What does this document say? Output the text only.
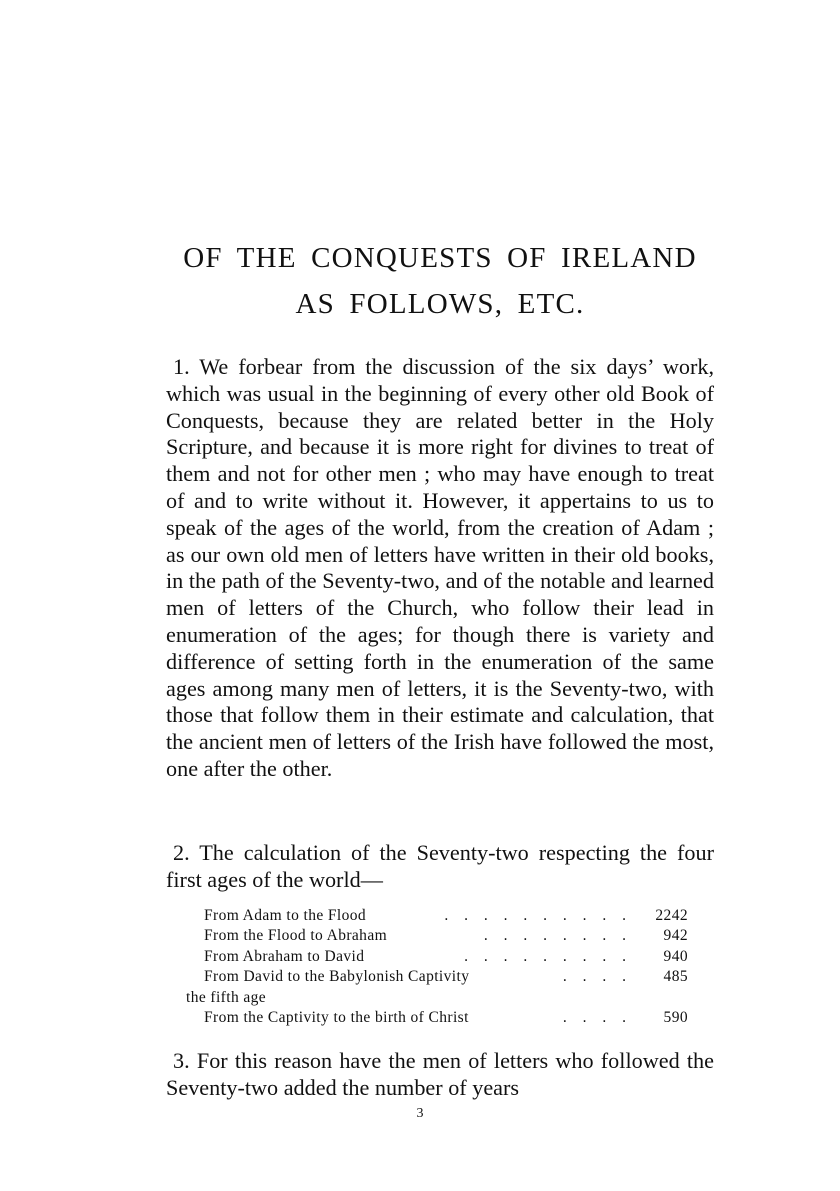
OF THE CONQUESTS OF IRELAND
AS FOLLOWS, ETC.

1. We forbear from the discussion of the six days’ work, which was usual in the beginning of every other old Book of Conquests, because they are related better in the Holy Scripture, and because it is more right for divines to treat of them and not for other men ; who may have enough to treat of and to write without it. However, it appertains to us to speak of the ages of the world, from the creation of Adam ; as our own old men of letters have written in their old books, in the path of the Seventy-two, and of the notable and learned men of letters of the Church, who follow their lead in enumeration of the ages; for though there is variety and difference of setting forth in the enumeration of the same ages among many men of letters, it is the Seventy-two, with those that follow them in their estimate and calculation, that the ancient men of letters of the Irish have followed the most, one after the other.

2. The calculation of the Seventy-two respecting the four first ages of the world—

From Adam to the Flood	. . . . . . . . . . 2242
From the Flood to Abraham	. . . . . . . . 942
From Abraham to David	. . . . . . . . . 940
From David to the Babylonish Captivity	. . . . 485
the fifth age
From the Captivity to the birth of Christ	. . . . 590

3. For this reason have the men of letters who followed the Seventy-two added the number of years

3
